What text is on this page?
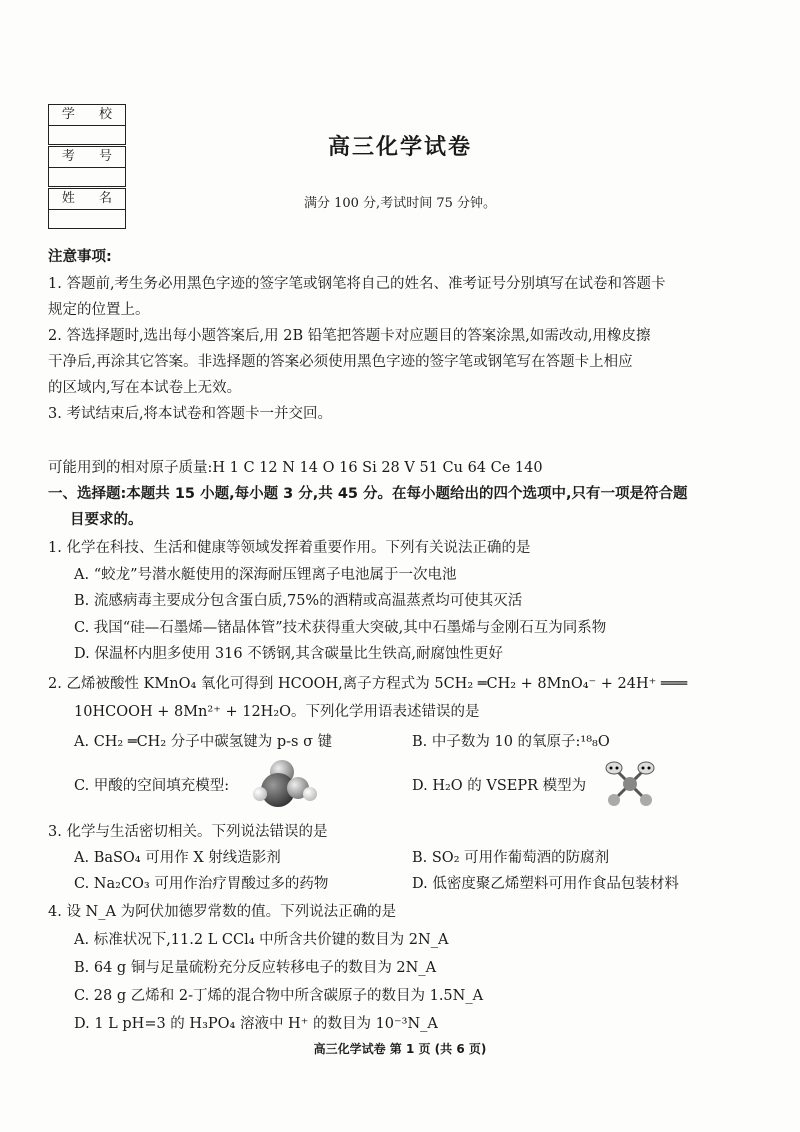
学 校
考 号
姓 名
高三化学试卷
满分 100 分,考试时间 75 分钟。
注意事项:
1. 答题前,考生务必用黑色字迹的签字笔或钢笔将自己的姓名、准考证号分别填写在试卷和答题卡
规定的位置上。
2. 答选择题时,选出每小题答案后,用 2B 铅笔把答题卡对应题目的答案涂黑,如需改动,用橡皮擦
干净后,再涂其它答案。非选择题的答案必须使用黑色字迹的签字笔或钢笔写在答题卡上相应
的区域内,写在本试卷上无效。
3. 考试结束后,将本试卷和答题卡一并交回。
可能用到的相对原子质量:H 1 C 12 N 14 O 16 Si 28 V 51 Cu 64 Ce 140
一、选择题:本题共 15 小题,每小题 3 分,共 45 分。在每小题给出的四个选项中,只有一项是符合题
目要求的。
1. 化学在科技、生活和健康等领域发挥着重要作用。下列有关说法正确的是
A. “蛟龙”号潜水艇使用的深海耐压锂离子电池属于一次电池
B. 流感病毒主要成分包含蛋白质,75%的酒精或高温蒸煮均可使其灭活
C. 我国“硅—石墨烯—锗晶体管”技术获得重大突破,其中石墨烯与金刚石互为同系物
D. 保温杯内胆多使用 316 不锈钢,其含碳量比生铁高,耐腐蚀性更好
2. 乙烯被酸性 KMnO₄ 氧化可得到 HCOOH,离子方程式为 5CH₂ ═CH₂ + 8MnO₄⁻ + 24H⁺ ═══
10HCOOH + 8Mn²⁺ + 12H₂O。下列化学用语表述错误的是
A. CH₂ ═CH₂ 分子中碳氢键为 p-s σ 键	B. 中子数为 10 的氧原子:¹⁸₈O
C. 甲酸的空间填充模型:	D. H₂O 的 VSEPR 模型为
3. 化学与生活密切相关。下列说法错误的是
A. BaSO₄ 可用作 X 射线造影剂	B. SO₂ 可用作葡萄酒的防腐剂
C. Na₂CO₃ 可用作治疗胃酸过多的药物	D. 低密度聚乙烯塑料可用作食品包装材料
4. 设 N_A 为阿伏加德罗常数的值。下列说法正确的是
A. 标准状况下,11.2 L CCl₄ 中所含共价键的数目为 2N_A
B. 64 g 铜与足量硫粉充分反应转移电子的数目为 2N_A
C. 28 g 乙烯和 2-丁烯的混合物中所含碳原子的数目为 1.5N_A
D. 1 L pH=3 的 H₃PO₄ 溶液中 H⁺ 的数目为 10⁻³N_A
高三化学试卷 第 1 页 (共 6 页)
